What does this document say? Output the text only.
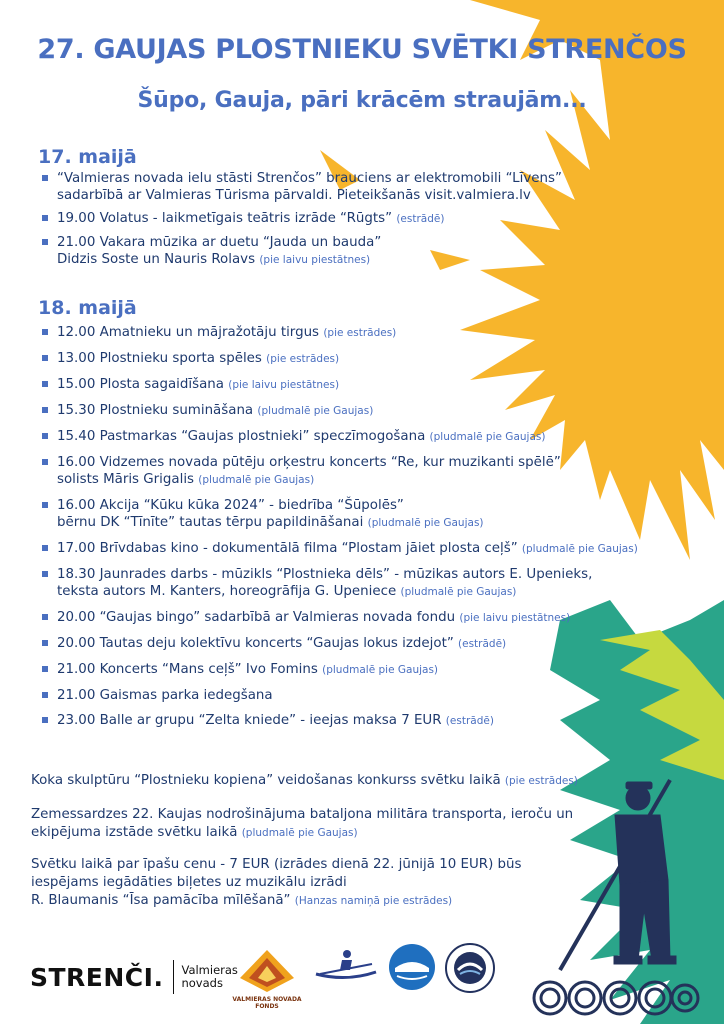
27. GAUJAS PLOSTNIEKU SVĒTKI STRENČOS
Šūpo, Gauja, pāri krācēm straujām...
17. maijā
“Valmieras novada ielu stāsti Strenčos” brauciens ar elektromobili “Līvens”
sadarbībā ar Valmieras Tūrisma pārvaldi. Pieteikšanās visit.valmiera.lv
19.00 Volatus - laikmetīgais teātris izrāde “Rūgts” (estrādē)
21.00 Vakara mūzika ar duetu “Jauda un bauda”
Didzis Soste un Nauris Rolavs (pie laivu piestātnes)
18. maijā
12.00 Amatnieku un mājražotāju tirgus (pie estrādes)
13.00 Plostnieku sporta spēles (pie estrādes)
15.00 Plosta sagaidīšana (pie laivu piestātnes)
15.30 Plostnieku sumināšana (pludmalē pie Gaujas)
15.40 Pastmarkas “Gaujas plostnieki” speczīmogošana (pludmalē pie Gaujas)
16.00 Vidzemes novada pūtēju orķestru koncerts “Re, kur muzikanti spēlē”
solists Māris Grigalis (pludmalē pie Gaujas)
16.00 Akcija “Kūku kūka 2024” - biedrība “Šūpolēs”
bērnu DK “Tīnīte” tautas tērpu papildināšanai (pludmalē pie Gaujas)
17.00 Brīvdabas kino - dokumentālā filma “Plostam jāiet plosta ceļš” (pludmalē pie Gaujas)
18.30 Jaunrades darbs - mūzikls “Plostnieka dēls” - mūzikas autors E. Upenieks,
teksta autors M. Kanters, horeogrāfija G. Upeniece (pludmalē pie Gaujas)
20.00 “Gaujas bingo” sadarbībā ar Valmieras novada fondu (pie laivu piestātnes)
20.00 Tautas deju kolektīvu koncerts “Gaujas lokus izdejot” (estrādē)
21.00 Koncerts “Mans ceļš” Ivo Fomins (pludmalē pie Gaujas)
21.00 Gaismas parka iedegšana
23.00 Balle ar grupu “Zelta kniede” - ieejas maksa 7 EUR (estrādē)

Koka skulptūru “Plostnieku kopiena” veidošanas konkurss svētku laikā (pie estrādes)

Zemessardzes 22. Kaujas nodrošinājuma bataljona militāra transporta, ieroču un
ekipējuma izstāde svētku laikā (pludmalē pie Gaujas)

Svētku laikā par īpašu cenu - 7 EUR (izrādes dienā 22. jūnijā 10 EUR) būs
iespējams iegādāties biļetes uz muzikālu izrādi
R. Blaumanis “Īsa pamācība mīlēšanā” (Hanzas namiņā pie estrādes)

STRENČI. Valmieras
novads
VALMIERAS NOVADA FONDS
